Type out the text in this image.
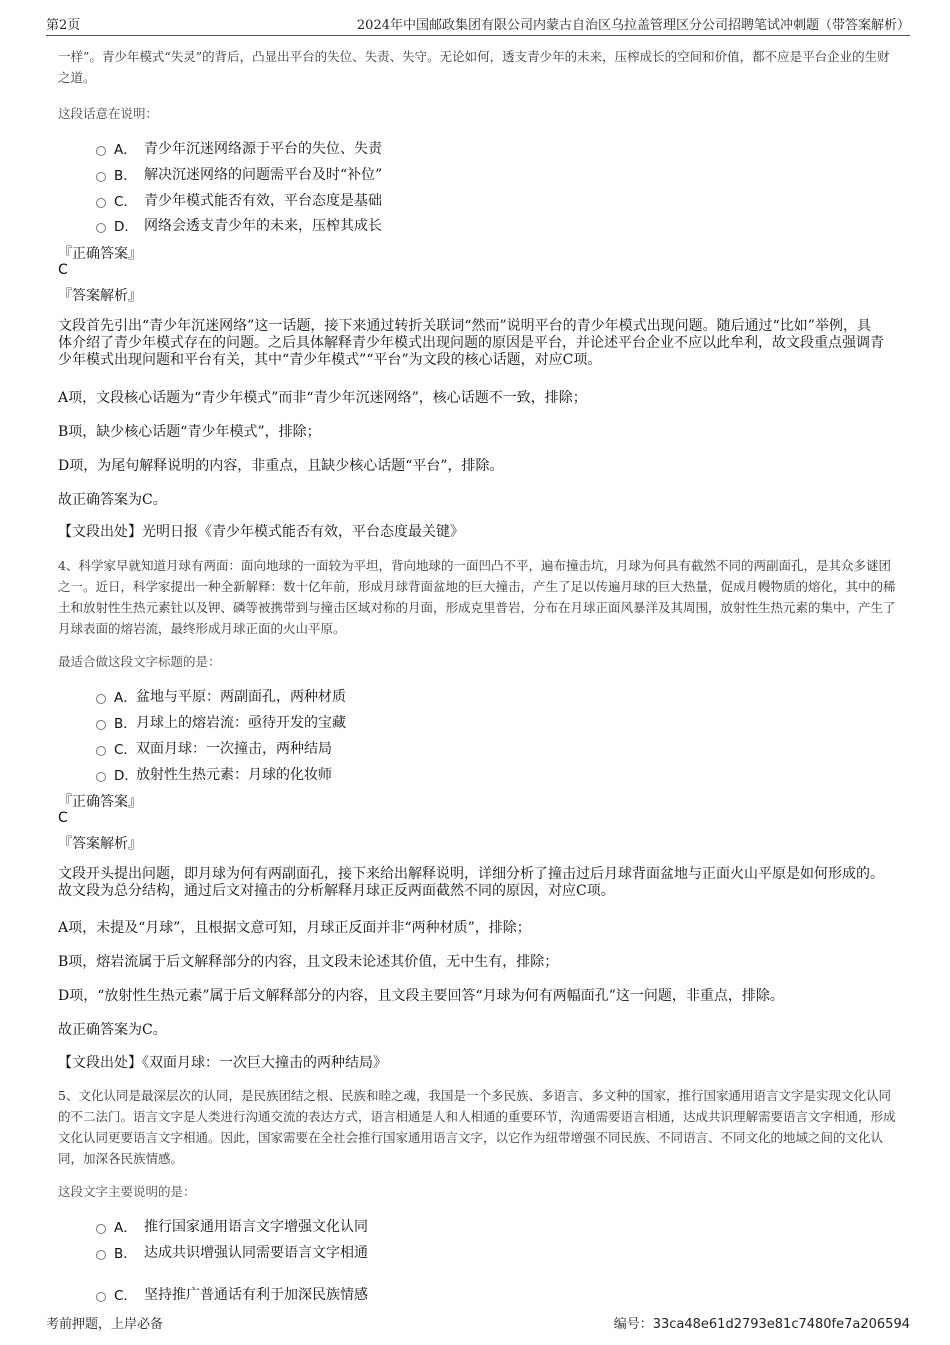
第2页	2024年中国邮政集团有限公司内蒙古自治区乌拉盖管理区分公司招聘笔试冲刺题（带答案解析）
一样”。青少年模式“失灵”的背后，凸显出平台的失位、失责、失守。无论如何，透支青少年的未来，压榨成长的空间和价值，都不应是平台企业的生财之道。
这段话意在说明：
A． 青少年沉迷网络源于平台的失位、失责
B． 解决沉迷网络的问题需平台及时“补位”
C． 青少年模式能否有效，平台态度是基础
D． 网络会透支青少年的未来，压榨其成长
『正确答案』
C
『答案解析』
文段首先引出“青少年沉迷网络”这一话题，接下来通过转折关联词“然而”说明平台的青少年模式出现问题。随后通过“比如”举例，具体介绍了青少年模式存在的问题。之后具体解释青少年模式出现问题的原因是平台，并论述平台企业不应以此牟利，故文段重点强调青少年模式出现问题和平台有关，其中“青少年模式”“平台”为文段的核心话题，对应C项。
A项，文段核心话题为“青少年模式”而非“青少年沉迷网络”，核心话题不一致，排除；
B项，缺少核心话题“青少年模式”，排除；
D项，为尾句解释说明的内容，非重点，且缺少核心话题“平台”，排除。
故正确答案为C。
【文段出处】光明日报《青少年模式能否有效，平台态度最关键》
4、科学家早就知道月球有两面：面向地球的一面较为平坦，背向地球的一面凹凸不平，遍布撞击坑，月球为何具有截然不同的两副面孔，是其众多谜团之一。近日，科学家提出一种全新解释：数十亿年前，形成月球背面盆地的巨大撞击，产生了足以传遍月球的巨大热量，促成月幔物质的熔化，其中的稀土和放射性生热元素钍以及钾、磷等被携带到与撞击区域对称的月面，形成克里普岩，分布在月球正面风暴洋及其周围，放射性生热元素的集中，产生了月球表面的熔岩流，最终形成月球正面的火山平原。
最适合做这段文字标题的是：
A． 盆地与平原：两副面孔，两种材质
B． 月球上的熔岩流：亟待开发的宝藏
C． 双面月球：一次撞击，两种结局
D．
放射性生热元素：月球的化妆师
『正确答案』
C
『答案解析』
文段开头提出问题，即月球为何有两副面孔，接下来给出解释说明，详细分析了撞击过后月球背面盆地与正面火山平原是如何形成的。故文段为总分结构，通过后文对撞击的分析解释月球正反两面截然不同的原因，对应C项。
A项，未提及“月球”，且根据文意可知，月球正反面并非“两种材质”，排除；
B项，熔岩流属于后文解释部分的内容，且文段未论述其价值，无中生有，排除；
D项，“放射性生热元素”属于后文解释部分的内容，且文段主要回答“月球为何有两幅面孔”这一问题，非重点，排除。
故正确答案为C。
【文段出处】《双面月球：一次巨大撞击的两种结局》
5、文化认同是最深层次的认同，是民族团结之根、民族和睦之魂，我国是一个多民族、多语言、多文种的国家，推行国家通用语言文字是实现文化认同的不二法门。语言文字是人类进行沟通交流的表达方式，语言相通是人和人相通的重要环节，沟通需要语言相通，达成共识理解需要语言文字相通，形成文化认同更要语言文字相通。因此，国家需要在全社会推行国家通用语言文字，以它作为纽带增强不同民族、不同语言、不同文化的地域之间的文化认同，加深各民族情感。
这段文字主要说明的是：
A． 推行国家通用语言文字增强文化认同
B． 达成共识增强认同需要语言文字相通
C． 坚持推广普通话有利于加深民族情感
考前押题，上岸必备	编号：33ca48e61d2793e81c7480fe7a206594
